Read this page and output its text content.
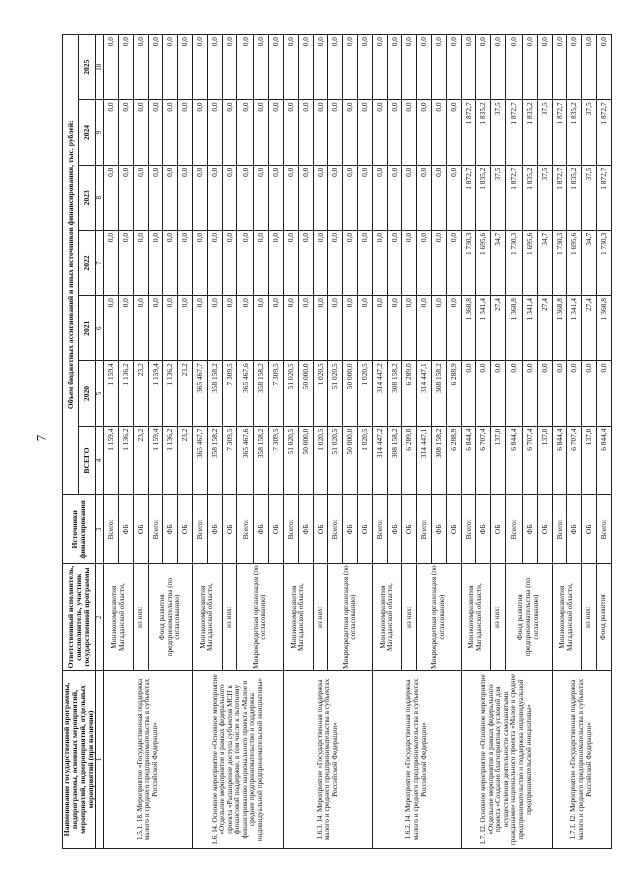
7
Наименование государственной программы, подпрограммы, основных мероприятий, мероприятий, подмероприятий, отдельных мероприятий (при наличии)	Ответственный исполнитель, соисполнитель, участник государственной программы	Источники финансирования	Объем бюджетных ассигнований и иных источников финансирования, тыс. рублей:						
			ВСЕГО	2020	2021	2022	2023	2024	2025
1	2	3	4	5	6	7	8	9	10
1.5.1. 18. Мероприятие «Государственная поддержка малого и среднего предпринимательства в субъектах Российской Федерации»	Минэкономразвития Магаданской области,	Всего:	1 159,4	1 159,4	0,0	0,0	0,0	0,0	0,0
		ФБ	1 136,2	1 136,2	0,0	0,0	0,0	0,0	0,0
	из них:	ОБ	23,2	23,2	0,0	0,0	0,0	0,0	0,0
	Фонд развития предпринимательства (по согласованию)	Всего:	1 159,4	1 159,4	0,0	0,0	0,0	0,0	0,0
		ФБ	1 136,2	1 136,2	0,0	0,0	0,0	0,0	0,0
		ОБ	23,2	23,2	0,0	0,0	0,0	0,0	0,0
1.6. I4. Основное мероприятие «Основное мероприятие «Отдельное мероприятие в рамках федерального проекта «Расширение доступа субъектов МСП к финансовой поддержке, в том числе к льготному финансированию национального проекта «Малое и среднее предпринимательство и поддержка индивидуальной предпринимательской инициативы»	Минэкономразвития Магаданской области,	Всего:	365 467,7	365 467,7	0,0	0,0	0,0	0,0	0,0
		ФБ	358 158,2	358 158,2	0,0	0,0	0,0	0,0	0,0
	из них:	ОБ	7 309,5	7 309,5	0,0	0,0	0,0	0,0	0,0
	Микрокредитная организация (по согласованию)	Всего:	365 467,6	365 467,6	0,0	0,0	0,0	0,0	0,0
		ФБ	358 158,2	358 158,2	0,0	0,0	0,0	0,0	0,0
		ОБ	7 309,5	7 309,5	0,0	0,0	0,0	0,0	0,0
1.6.1. I4. Мероприятие «Государственная поддержка малого и среднего предпринимательства в субъектах Российской Федерации»	Минэкономразвития Магаданской области,	Всего:	51 020,5	51 020,5	0,0	0,0	0,0	0,0	0,0
		ФБ	50 000,0	50 000,0	0,0	0,0	0,0	0,0	0,0
	из них:	ОБ	1 020,5	1 020,5	0,0	0,0	0,0	0,0	0,0
	Микрокредитная организация (по согласованию)	Всего:	51 020,5	51 020,5	0,0	0,0	0,0	0,0	0,0
		ФБ	50 000,0	50 000,0	0,0	0,0	0,0	0,0	0,0
		ОБ	1 020,5	1 020,5	0,0	0,0	0,0	0,0	0,0
1.6.2. I4. Мероприятие «Государственная поддержка малого и среднего предпринимательства в субъектах Российской Федерации»	Минэкономразвития Магаданской области,	Всего:	314 447,2	314 447,2	0,0	0,0	0,0	0,0	0,0
		ФБ	308 158,2	308 158,2	0,0	0,0	0,0	0,0	0,0
	из них:	ОБ	6 289,0	6 289,0	0,0	0,0	0,0	0,0	0,0
	Микрокредитная организация (по согласованию)	Всего:	314 447,1	314 447,1	0,0	0,0	0,0	0,0	0,0
		ФБ	308 158,2	308 158,2	0,0	0,0	0,0	0,0	0,0
		ОБ	6 288,9	6 288,9	0,0	0,0	0,0	0,0	0,0
1.7. I2. Основное мероприятие «Основное мероприятие «Отдельное мероприятие в рамках федерального проекта «Создание благоприятных условий для осуществления деятельности самозанятыми гражданами» национального проекта «Малое и среднее предпринимательство и поддержка индивидуальной предпринимательской инициативы»	Минэкономразвития Магаданской области,	Всего:	6 844,4	0,0	1 368,8	1 730,3	1 872,7	1 872,7	0,0
		ФБ	6 707,4	0,0	1 341,4	1 695,6	1 835,2	1 835,2	0,0
	из них:	ОБ	137,0	0,0	27,4	34,7	37,5	37,5	0,0
	Фонд развития предпринимательства (по согласованию)	Всего:	6 844,4	0,0	1 368,8	1 730,3	1 872,7	1 872,7	0,0
		ФБ	6 707,4	0,0	1 341,4	1 695,6	1 835,2	1 835,2	0,0
		ОБ	137,0	0,0	27,4	34,7	37,5	37,5	0,0
1.7.1. I2. Мероприятие «Государственная поддержка малого и среднего предпринимательства в субъектах Российской Федерации»	Минэкономразвития Магаданской области,	Всего:	6 844,4	0,0	1 368,8	1 730,3	1 872,7	1 872,7	0,0
		ФБ	6 707,4	0,0	1 341,4	1 695,6	1 835,2	1 835,2	0,0
	из них:	ОБ	137,0	0,0	27,4	34,7	37,5	37,5	0,0
	Фонд развития	Всего:	6 844,4	0,0	1 368,8	1 730,3	1 872,7	1 872,7	0,0
